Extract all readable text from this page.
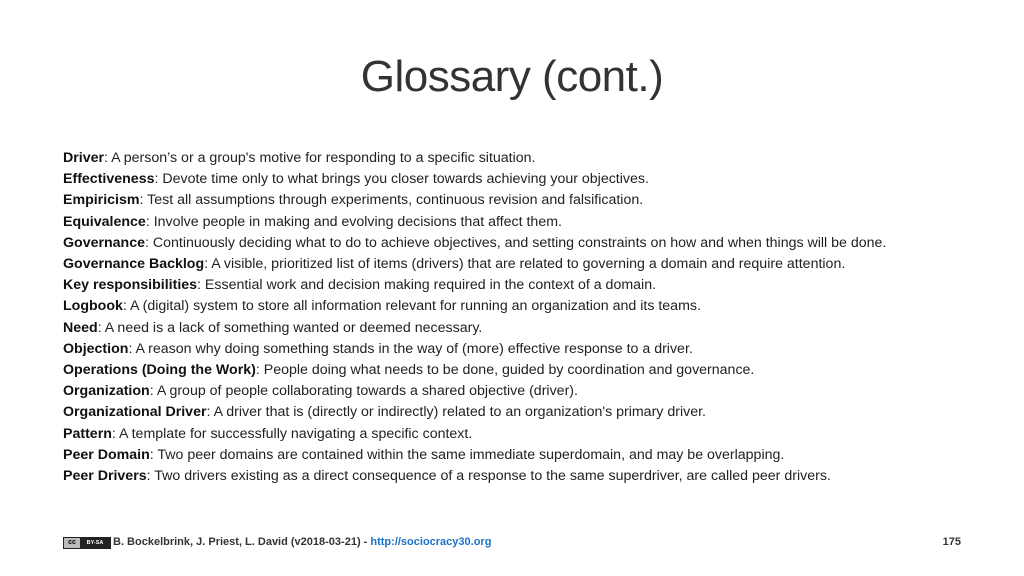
Glossary (cont.)
Driver: A person’s or a group's motive for responding to a specific situation.
Effectiveness: Devote time only to what brings you closer towards achieving your objectives.
Empiricism: Test all assumptions through experiments, continuous revision and falsification.
Equivalence: Involve people in making and evolving decisions that affect them.
Governance: Continuously deciding what to do to achieve objectives, and setting constraints on how and when things will be done.
Governance Backlog: A visible, prioritized list of items (drivers) that are related to governing a domain and require attention.
Key responsibilities: Essential work and decision making required in the context of a domain.
Logbook: A (digital) system to store all information relevant for running an organization and its teams.
Need: A need is a lack of something wanted or deemed necessary.
Objection: A reason why doing something stands in the way of (more) effective response to a driver.
Operations (Doing the Work): People doing what needs to be done, guided by coordination and governance.
Organization: A group of people collaborating towards a shared objective (driver).
Organizational Driver: A driver that is (directly or indirectly) related to an organization's primary driver.
Pattern: A template for successfully navigating a specific context.
Peer Domain: Two peer domains are contained within the same immediate superdomain, and may be overlapping.
Peer Drivers: Two drivers existing as a direct consequence of a response to the same superdriver, are called peer drivers.
cc	BY-SA B. Bockelbrink, J. Priest, L. David (v2018-03-21) - http://sociocracy30.org	175
